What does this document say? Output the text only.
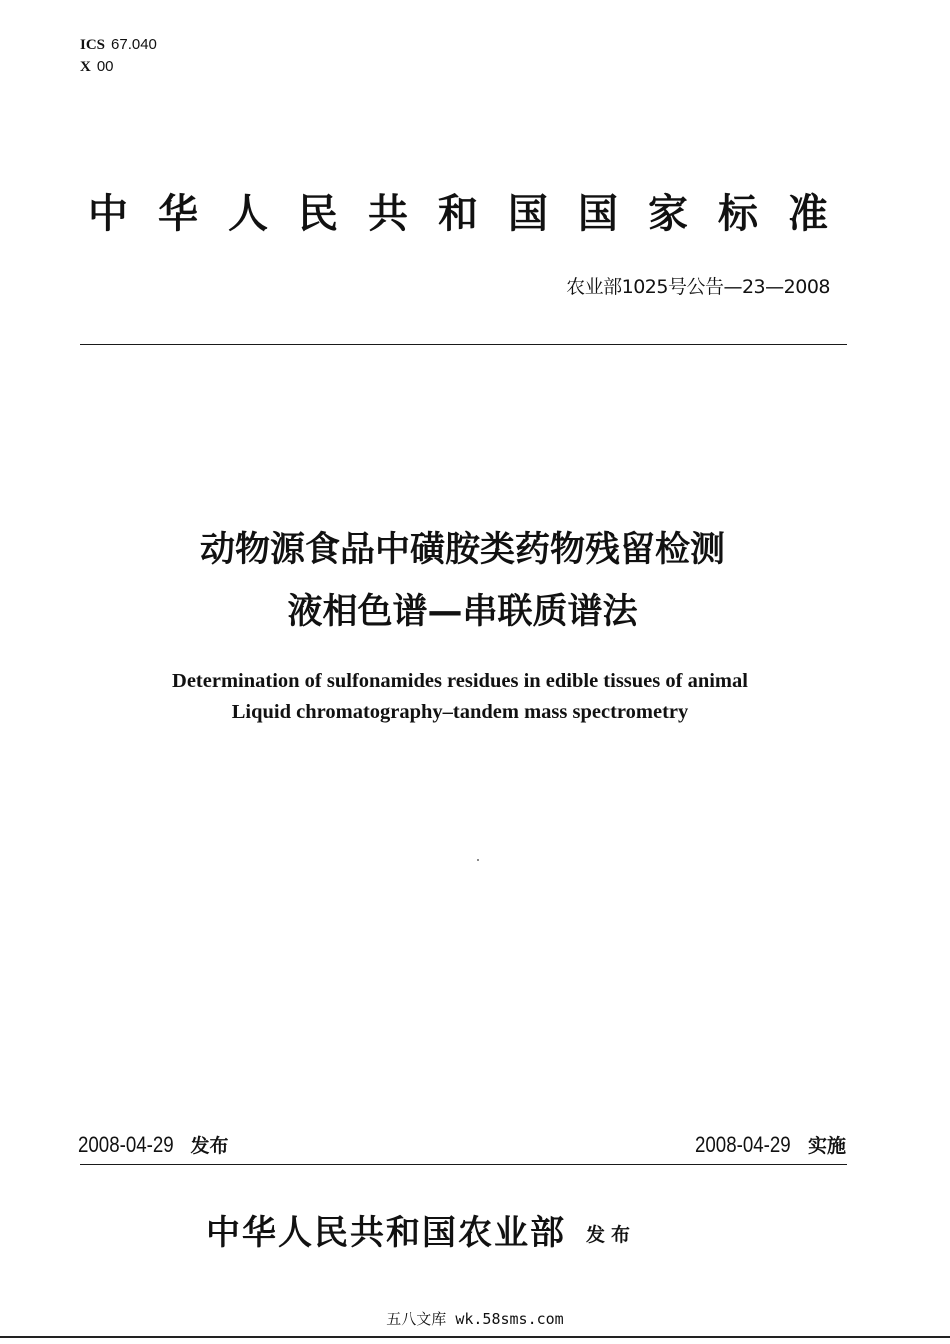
ICS 67.040
X 00
中华人民共和国国家标准
农业部1025号公告—23—2008
动物源食品中磺胺类药物残留检测
液相色谱—串联质谱法
Determination of sulfonamides residues in edible tissues of animal
Liquid chromatography–tandem mass spectrometry
2008-04-29 发布	2008-04-29 实施
中华人民共和国农业部 发布
五八文库 wk.58sms.com
